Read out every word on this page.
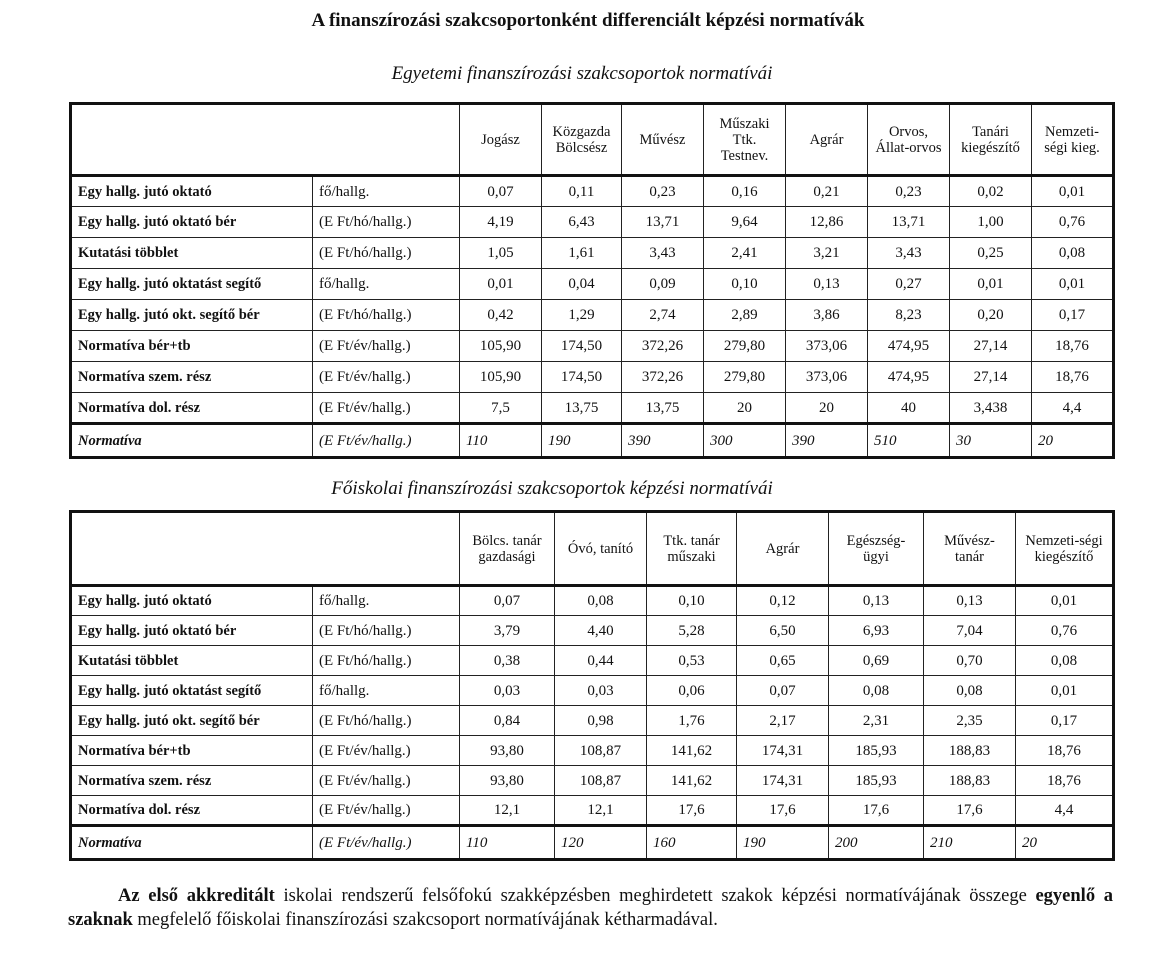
A finanszírozási szakcsoportonként differenciált képzési normatívák
Egyetemi finanszírozási szakcsoportok normatívái
		Jogász	Közgazda Bölcsész	Művész	Műszaki Ttk. Testnev.	Agrár	Orvos, Állat-orvos	Tanári kiegészítő	Nemzeti-ségi kieg.
Egy hallg. jutó oktató	fő/hallg.	0,07	0,11	0,23	0,16	0,21	0,23	0,02	0,01
Egy hallg. jutó oktató bér	(E Ft/hó/hallg.)	4,19	6,43	13,71	9,64	12,86	13,71	1,00	0,76
Kutatási többlet	(E Ft/hó/hallg.)	1,05	1,61	3,43	2,41	3,21	3,43	0,25	0,08
Egy hallg. jutó oktatást segítő	fő/hallg.	0,01	0,04	0,09	0,10	0,13	0,27	0,01	0,01
Egy hallg. jutó okt. segítő bér	(E Ft/hó/hallg.)	0,42	1,29	2,74	2,89	3,86	8,23	0,20	0,17
Normatíva bér+tb	(E Ft/év/hallg.)	105,90	174,50	372,26	279,80	373,06	474,95	27,14	18,76
Normatíva szem. rész	(E Ft/év/hallg.)	105,90	174,50	372,26	279,80	373,06	474,95	27,14	18,76
Normatíva dol. rész	(E Ft/év/hallg.)	7,5	13,75	13,75	20	20	40	3,438	4,4
Normatíva	(E Ft/év/hallg.)	110	190	390	300	390	510	30	20
Főiskolai finanszírozási szakcsoportok képzési normatívái
		Bölcs. tanár gazdasági	Óvó, tanító	Ttk. tanár műszaki	Agrár	Egészség-ügyi	Művész-tanár	Nemzeti-ségi kiegészítő
Egy hallg. jutó oktató	fő/hallg.	0,07	0,08	0,10	0,12	0,13	0,13	0,01
Egy hallg. jutó oktató bér	(E Ft/hó/hallg.)	3,79	4,40	5,28	6,50	6,93	7,04	0,76
Kutatási többlet	(E Ft/hó/hallg.)	0,38	0,44	0,53	0,65	0,69	0,70	0,08
Egy hallg. jutó oktatást segítő	fő/hallg.	0,03	0,03	0,06	0,07	0,08	0,08	0,01
Egy hallg. jutó okt. segítő bér	(E Ft/hó/hallg.)	0,84	0,98	1,76	2,17	2,31	2,35	0,17
Normatíva bér+tb	(E Ft/év/hallg.)	93,80	108,87	141,62	174,31	185,93	188,83	18,76
Normatíva szem. rész	(E Ft/év/hallg.)	93,80	108,87	141,62	174,31	185,93	188,83	18,76
Normatíva dol. rész	(E Ft/év/hallg.)	12,1	12,1	17,6	17,6	17,6	17,6	4,4
Normatíva	(E Ft/év/hallg.)	110	120	160	190	200	210	20
Az első akkreditált iskolai rendszerű felsőfokú szakképzésben meghirdetett szakok képzési normatívájának összege egyenlő a szaknak megfelelő főiskolai finanszírozási szakcsoport normatívájának kétharmadával.
